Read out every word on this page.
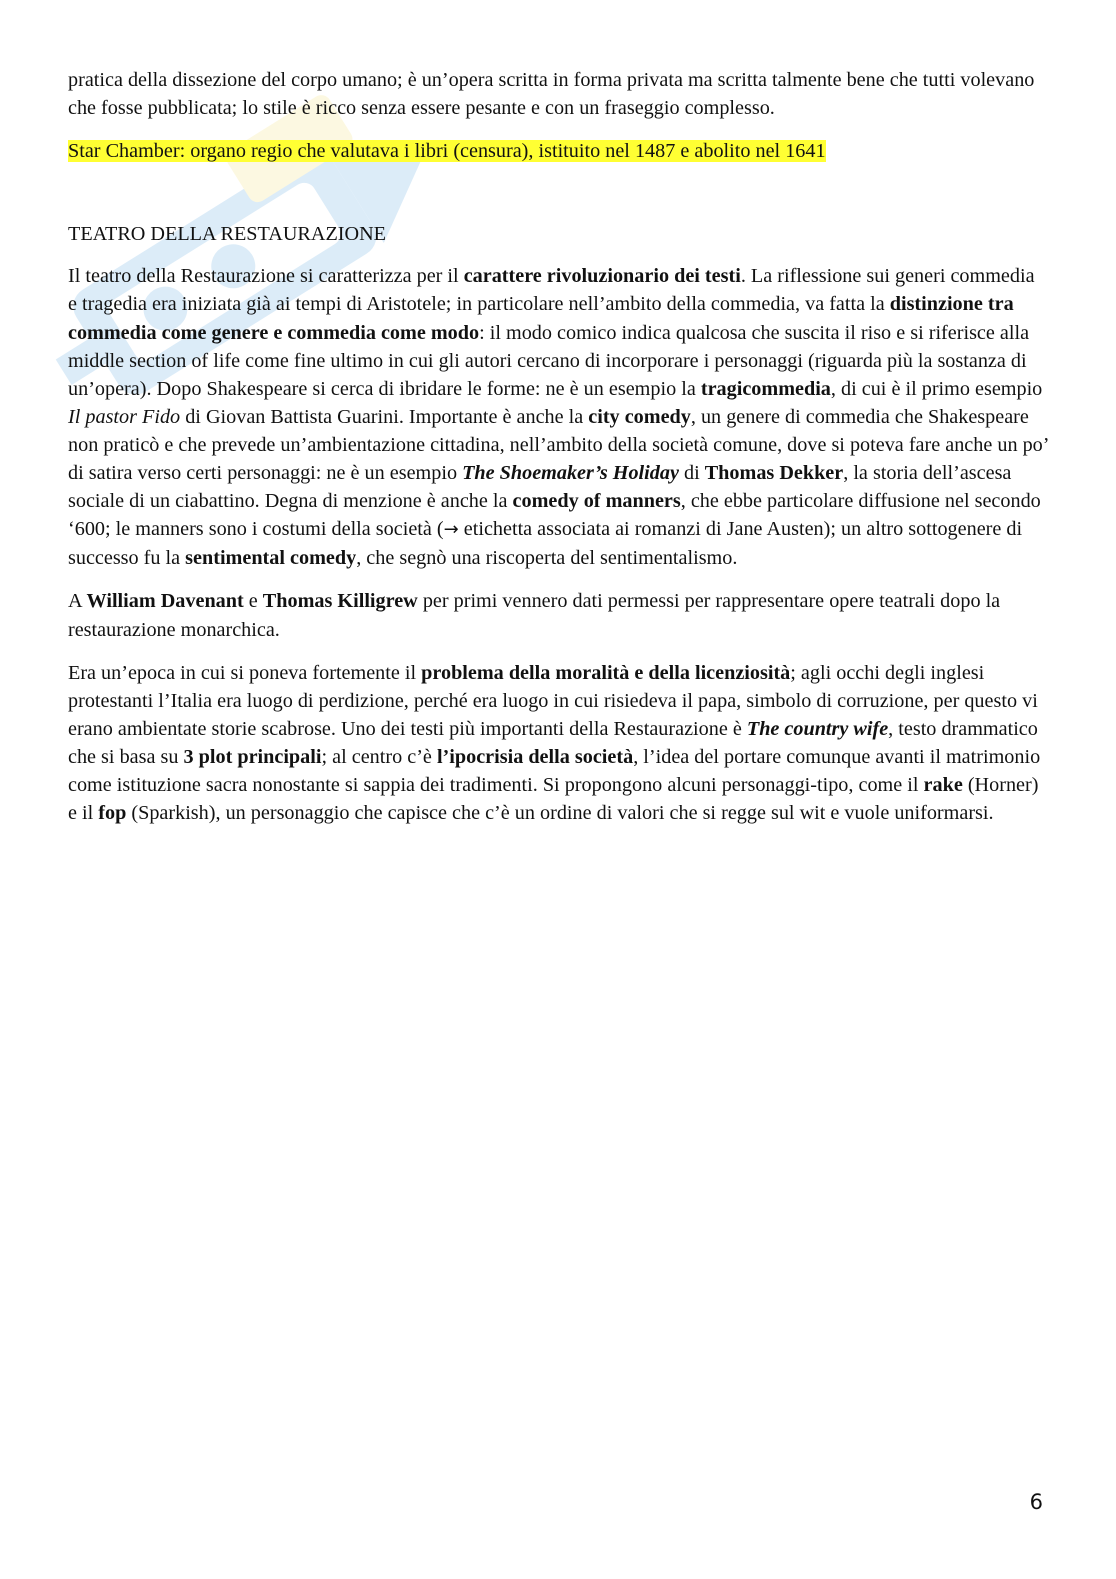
pratica della dissezione del corpo umano; è un’opera scritta in forma privata ma scritta talmente bene che tutti volevano che fosse pubblicata; lo stile è ricco senza essere pesante e con un fraseggio complesso.

Star Chamber: organo regio che valutava i libri (censura), istituito nel 1487 e abolito nel 1641

TEATRO DELLA RESTAURAZIONE

Il teatro della Restaurazione si caratterizza per il carattere rivoluzionario dei testi. La riflessione sui generi commedia e tragedia era iniziata già ai tempi di Aristotele; in particolare nell’ambito della commedia, va fatta la distinzione tra commedia come genere e commedia come modo: il modo comico indica qualcosa che suscita il riso e si riferisce alla middle section of life come fine ultimo in cui gli autori cercano di incorporare i personaggi (riguarda più la sostanza di un’opera). Dopo Shakespeare si cerca di ibridare le forme: ne è un esempio la tragicommedia, di cui è il primo esempio Il pastor Fido di Giovan Battista Guarini. Importante è anche la city comedy, un genere di commedia che Shakespeare non praticò e che prevede un’ambientazione cittadina, nell’ambito della società comune, dove si poteva fare anche un po’ di satira verso certi personaggi: ne è un esempio The Shoemaker’s Holiday di Thomas Dekker, la storia dell’ascesa sociale di un ciabattino. Degna di menzione è anche la comedy of manners, che ebbe particolare diffusione nel secondo ‘600; le manners sono i costumi della società (→ etichetta associata ai romanzi di Jane Austen); un altro sottogenere di successo fu la sentimental comedy, che segnò una riscoperta del sentimentalismo.

A William Davenant e Thomas Killigrew per primi vennero dati permessi per rappresentare opere teatrali dopo la restaurazione monarchica.

Era un’epoca in cui si poneva fortemente il problema della moralità e della licenziosità; agli occhi degli inglesi protestanti l’Italia era luogo di perdizione, perché era luogo in cui risiedeva il papa, simbolo di corruzione, per questo vi erano ambientate storie scabrose. Uno dei testi più importanti della Restaurazione è The country wife, testo drammatico che si basa su 3 plot principali; al centro c’è l’ipocrisia della società, l’idea del portare comunque avanti il matrimonio come istituzione sacra nonostante si sappia dei tradimenti. Si propongono alcuni personaggi-tipo, come il rake (Horner) e il fop (Sparkish), un personaggio che capisce che c’è un ordine di valori che si regge sul wit e vuole uniformarsi.

6
